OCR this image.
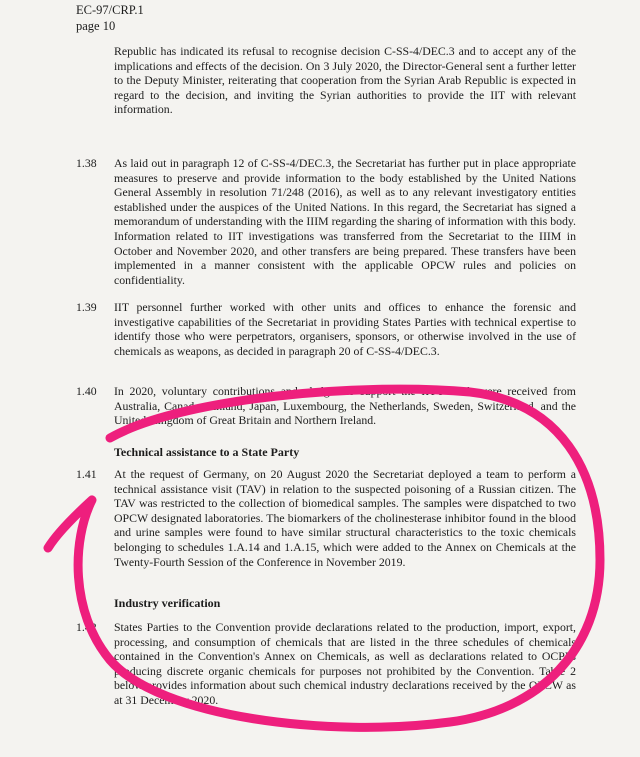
EC-97/CRP.1
page 10
Republic has indicated its refusal to recognise decision C-SS-4/DEC.3 and to accept any of the implications and effects of the decision. On 3 July 2020, the Director-General sent a further letter to the Deputy Minister, reiterating that cooperation from the Syrian Arab Republic is expected in regard to the decision, and inviting the Syrian authorities to provide the IIT with relevant information.
1.38	As laid out in paragraph 12 of C-SS-4/DEC.3, the Secretariat has further put in place appropriate measures to preserve and provide information to the body established by the United Nations General Assembly in resolution 71/248 (2016), as well as to any relevant investigatory entities established under the auspices of the United Nations. In this regard, the Secretariat has signed a memorandum of understanding with the IIIM regarding the sharing of information with this body. Information related to IIT investigations was transferred from the Secretariat to the IIIM in October and November 2020, and other transfers are being prepared. These transfers have been implemented in a manner consistent with the applicable OPCW rules and policies on confidentiality.
1.39	IIT personnel further worked with other units and offices to enhance the forensic and investigative capabilities of the Secretariat in providing States Parties with technical expertise to identify those who were perpetrators, organisers, sponsors, or otherwise involved in the use of chemicals as weapons, as decided in paragraph 20 of C-SS-4/DEC.3.
1.40	In 2020, voluntary contributions and pledges to support the IIT's work were received from Australia, Canada, Finland, Japan, Luxembourg, the Netherlands, Sweden, Switzerland, and the United Kingdom of Great Britain and Northern Ireland.
Technical assistance to a State Party
1.41	At the request of Germany, on 20 August 2020 the Secretariat deployed a team to perform a technical assistance visit (TAV) in relation to the suspected poisoning of a Russian citizen. The TAV was restricted to the collection of biomedical samples. The samples were dispatched to two OPCW designated laboratories. The biomarkers of the cholinesterase inhibitor found in the blood and urine samples were found to have similar structural characteristics to the toxic chemicals belonging to schedules 1.A.14 and 1.A.15, which were added to the Annex on Chemicals at the Twenty-Fourth Session of the Conference in November 2019.
Industry verification
1.42	States Parties to the Convention provide declarations related to the production, import, export, processing, and consumption of chemicals that are listed in the three schedules of chemicals contained in the Convention's Annex on Chemicals, as well as declarations related to OCPFs producing discrete organic chemicals for purposes not prohibited by the Convention. Table 2 below provides information about such chemical industry declarations received by the OPCW as at 31 December 2020.
